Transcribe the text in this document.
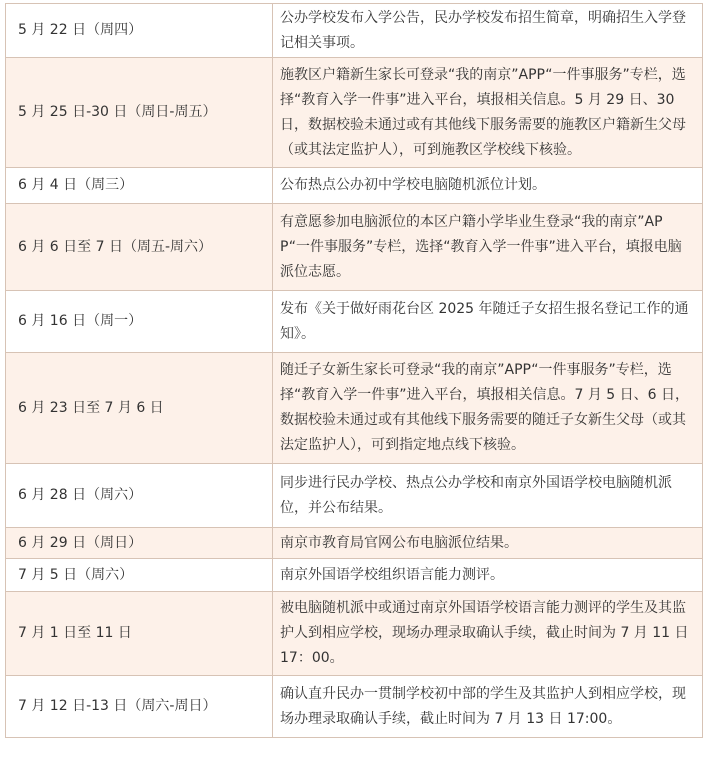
5 月 22 日（周四）	公办学校发布入学公告，民办学校发布招生简章，明确招生入学登记相关事项。
5 月 25 日-30 日（周日-周五）	施教区户籍新生家长可登录“我的南京”APP“一件事服务”专栏，选择“教育入学一件事”进入平台，填报相关信息。5 月 29 日、30 日，数据校验未通过或有其他线下服务需要的施教区户籍新生父母（或其法定监护人），可到施教区学校线下核验。
6 月 4 日（周三）	公布热点公办初中学校电脑随机派位计划。
6 月 6 日至 7 日（周五-周六）	有意愿参加电脑派位的本区户籍小学毕业生登录“我的南京”APP“一件事服务”专栏，选择“教育入学一件事”进入平台，填报电脑派位志愿。
6 月 16 日（周一）	发布《关于做好雨花台区 2025 年随迁子女招生报名登记工作的通知》。
6 月 23 日至 7 月 6 日	随迁子女新生家长可登录“我的南京”APP“一件事服务”专栏，选择“教育入学一件事”进入平台，填报相关信息。7 月 5 日、6 日，数据校验未通过或有其他线下服务需要的随迁子女新生父母（或其法定监护人），可到指定地点线下核验。
6 月 28 日（周六）	同步进行民办学校、热点公办学校和南京外国语学校电脑随机派位，并公布结果。
6 月 29 日（周日）	南京市教育局官网公布电脑派位结果。
7 月 5 日（周六）	南京外国语学校组织语言能力测评。
7 月 1 日至 11 日	被电脑随机派中或通过南京外国语学校语言能力测评的学生及其监护人到相应学校，现场办理录取确认手续，截止时间为 7 月 11 日 17：00。
7 月 12 日-13 日（周六-周日）	确认直升民办一贯制学校初中部的学生及其监护人到相应学校，现场办理录取确认手续，截止时间为 7 月 13 日 17:00。
